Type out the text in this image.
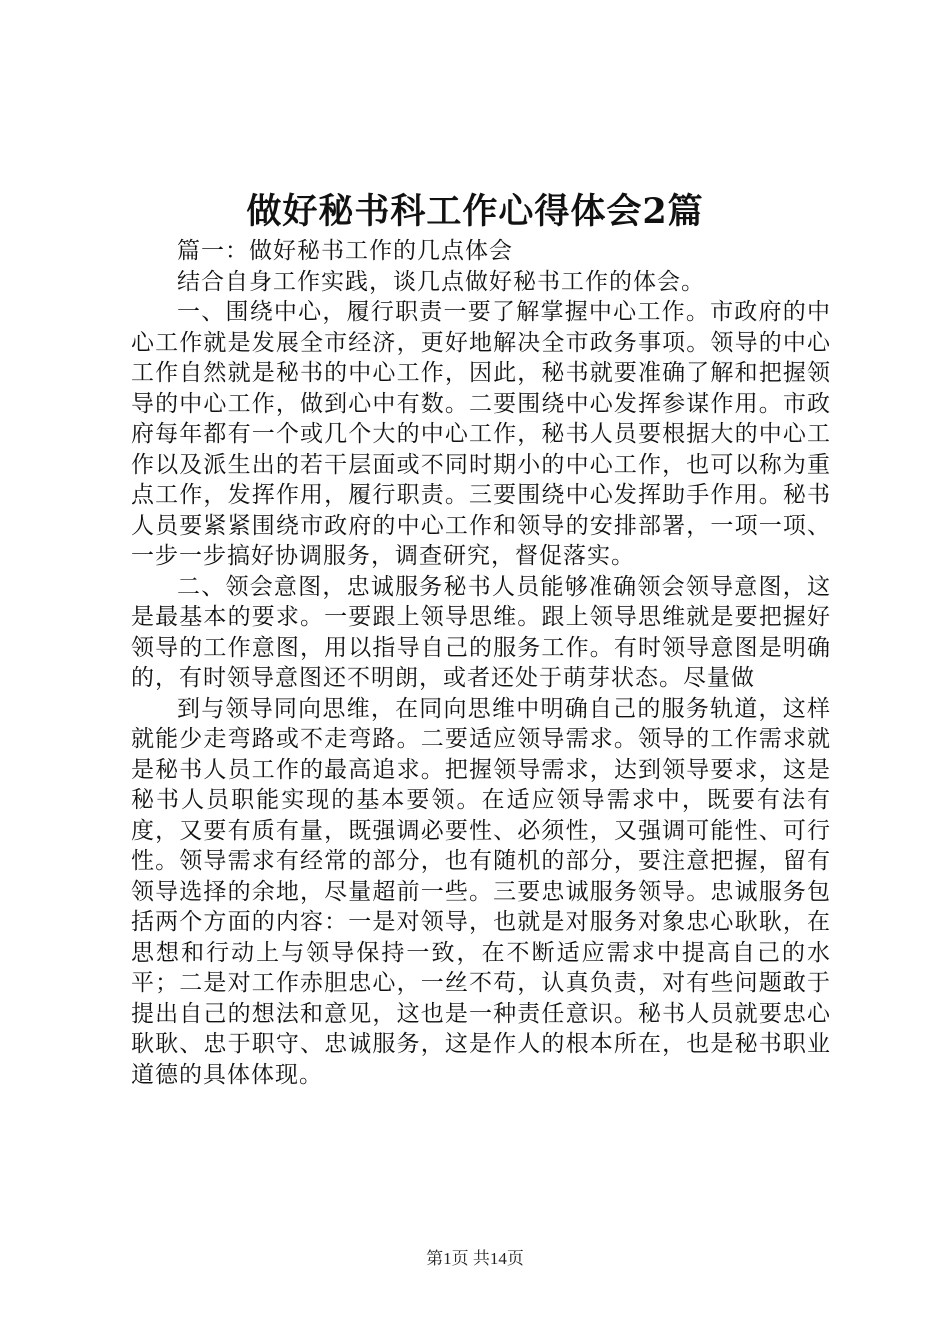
做好秘书科工作心得体会2篇

篇一：做好秘书工作的几点体会

结合自身工作实践，谈几点做好秘书工作的体会。

一、围绕中心，履行职责一要了解掌握中心工作。市政府的中心工作就是发展全市经济，更好地解决全市政务事项。领导的中心工作自然就是秘书的中心工作，因此，秘书就要准确了解和把握领导的中心工作，做到心中有数。二要围绕中心发挥参谋作用。市政府每年都有一个或几个大的中心工作，秘书人员要根据大的中心工作以及派生出的若干层面或不同时期小的中心工作，也可以称为重点工作，发挥作用，履行职责。三要围绕中心发挥助手作用。秘书人员要紧紧围绕市政府的中心工作和领导的安排部署，一项一项、一步一步搞好协调服务，调查研究，督促落实。

二、领会意图，忠诚服务秘书人员能够准确领会领导意图，这是最基本的要求。一要跟上领导思维。跟上领导思维就是要把握好领导的工作意图，用以指导自己的服务工作。有时领导意图是明确的，有时领导意图还不明朗，或者还处于萌芽状态。尽量做

到与领导同向思维，在同向思维中明确自己的服务轨道，这样就能少走弯路或不走弯路。二要适应领导需求。领导的工作需求就是秘书人员工作的最高追求。把握领导需求，达到领导要求，这是秘书人员职能实现的基本要领。在适应领导需求中，既要有法有度，又要有质有量，既强调必要性、必须性，又强调可能性、可行性。领导需求有经常的部分，也有随机的部分，要注意把握，留有领导选择的余地，尽量超前一些。三要忠诚服务领导。忠诚服务包括两个方面的内容：一是对领导，也就是对服务对象忠心耿耿，在思想和行动上与领导保持一致，在不断适应需求中提高自己的水平；二是对工作赤胆忠心，一丝不苟，认真负责，对有些问题敢于提出自己的想法和意见，这也是一种责任意识。秘书人员就要忠心耿耿、忠于职守、忠诚服务，这是作人的根本所在，也是秘书职业道德的具体体现。

第1页 共14页
